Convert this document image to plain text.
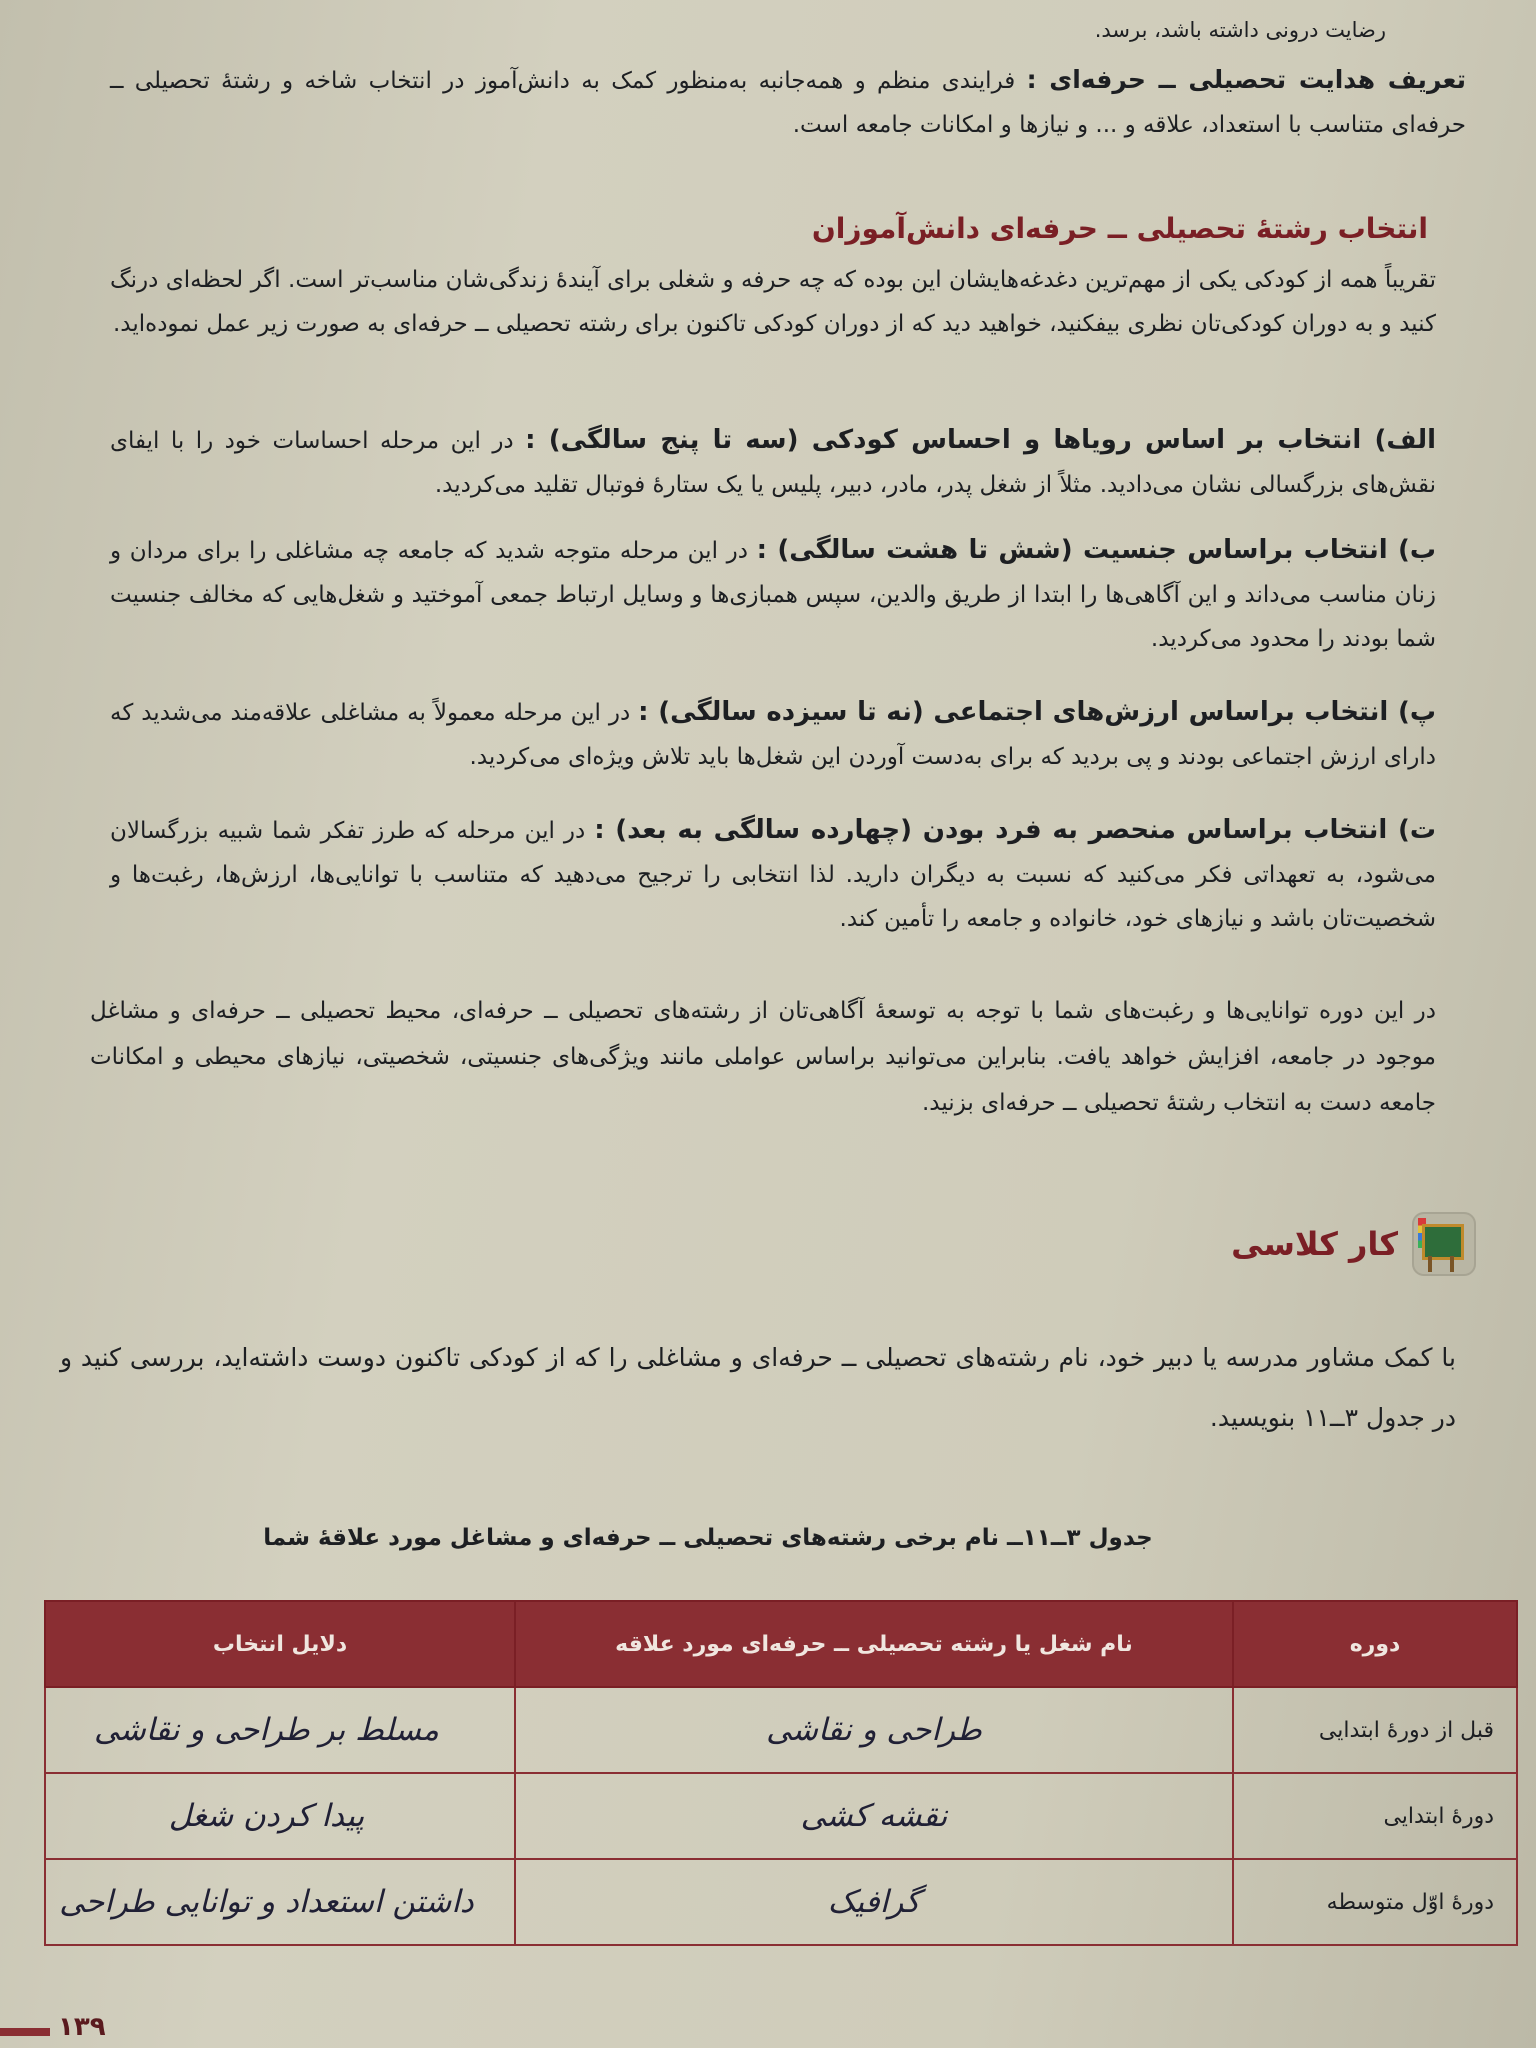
رضایت درونی داشته باشد، برسد.
تعریف هدایت تحصیلی ــ حرفه‌ای : فرایندی منظم و همه‌جانبه به‌منظور کمک به دانش‌آموز در انتخاب شاخه و رشتهٔ تحصیلی ــ حرفه‌ای متناسب با استعداد، علاقه و ... و نیازها و امکانات جامعه است.
انتخاب رشتهٔ تحصیلی ــ حرفه‌ای دانش‌آموزان
تقریباً همه از کودکی یکی از مهم‌ترین دغدغه‌هایشان این بوده که چه حرفه و شغلی برای آیندهٔ زندگی‌شان مناسب‌تر است. اگر لحظه‌ای درنگ کنید و به دوران کودکی‌تان نظری بیفکنید، خواهید دید که از دوران کودکی تاکنون برای رشته تحصیلی ــ حرفه‌ای به صورت زیر عمل نموده‌اید.
الف) انتخاب بر اساس رویاها و احساس کودکی (سه تا پنج سالگی) : در این مرحله احساسات خود را با ایفای نقش‌های بزرگسالی نشان می‌دادید. مثلاً از شغل پدر، مادر، دبیر، پلیس یا یک ستارهٔ فوتبال تقلید می‌کردید.
ب) انتخاب براساس جنسیت (شش تا هشت سالگی) : در این مرحله متوجه شدید که جامعه چه مشاغلی را برای مردان و زنان مناسب می‌داند و این آگاهی‌ها را ابتدا از طریق والدین، سپس همبازی‌ها و وسایل ارتباط جمعی آموختید و شغل‌هایی که مخالف جنسیت شما بودند را محدود می‌کردید.
پ) انتخاب براساس ارزش‌های اجتماعی (نه تا سیزده سالگی) : در این مرحله معمولاً به مشاغلی علاقه‌مند می‌شدید که دارای ارزش اجتماعی بودند و پی بردید که برای به‌دست آوردن این شغل‌ها باید تلاش ویژه‌ای می‌کردید.
ت) انتخاب براساس منحصر به فرد بودن (چهارده سالگی به بعد) : در این مرحله که طرز تفکر شما شبیه بزرگسالان می‌شود، به تعهداتی فکر می‌کنید که نسبت به دیگران دارید. لذا انتخابی را ترجیح می‌دهید که متناسب با توانایی‌ها، ارزش‌ها، رغبت‌ها و شخصیت‌تان باشد و نیازهای خود، خانواده و جامعه را تأمین کند.
در این دوره توانایی‌ها و رغبت‌های شما با توجه به توسعهٔ آگاهی‌تان از رشته‌های تحصیلی ــ حرفه‌ای، محیط تحصیلی ــ حرفه‌ای و مشاغل موجود در جامعه، افزایش خواهد یافت. بنابراین می‌توانید براساس عواملی مانند ویژگی‌های جنسیتی، شخصیتی، نیازهای محیطی و امکانات جامعه دست به انتخاب رشتهٔ تحصیلی ــ حرفه‌ای بزنید.
کار کلاسی
با کمک مشاور مدرسه یا دبیر خود، نام رشته‌های تحصیلی ــ حرفه‌ای و مشاغلی را که از کودکی تاکنون دوست داشته‌اید، بررسی کنید و در جدول ۳ــ۱۱ بنویسید.
جدول ۳ــ۱۱ــ نام برخی رشته‌های تحصیلی ــ حرفه‌ای و مشاغل مورد علاقهٔ شما
دوره	نام شغل یا رشته تحصیلی ــ حرفه‌ای مورد علاقه	دلایل انتخاب
قبل از دورهٔ ابتدایی	طراحی و نقاشی	مسلط بر طراحی و نقاشی
دورهٔ ابتدایی	نقشه کشی	پیدا کردن شغل
دورهٔ اوّل متوسطه	گرافیک	داشتن استعداد و توانایی طراحی
۱۳۹
